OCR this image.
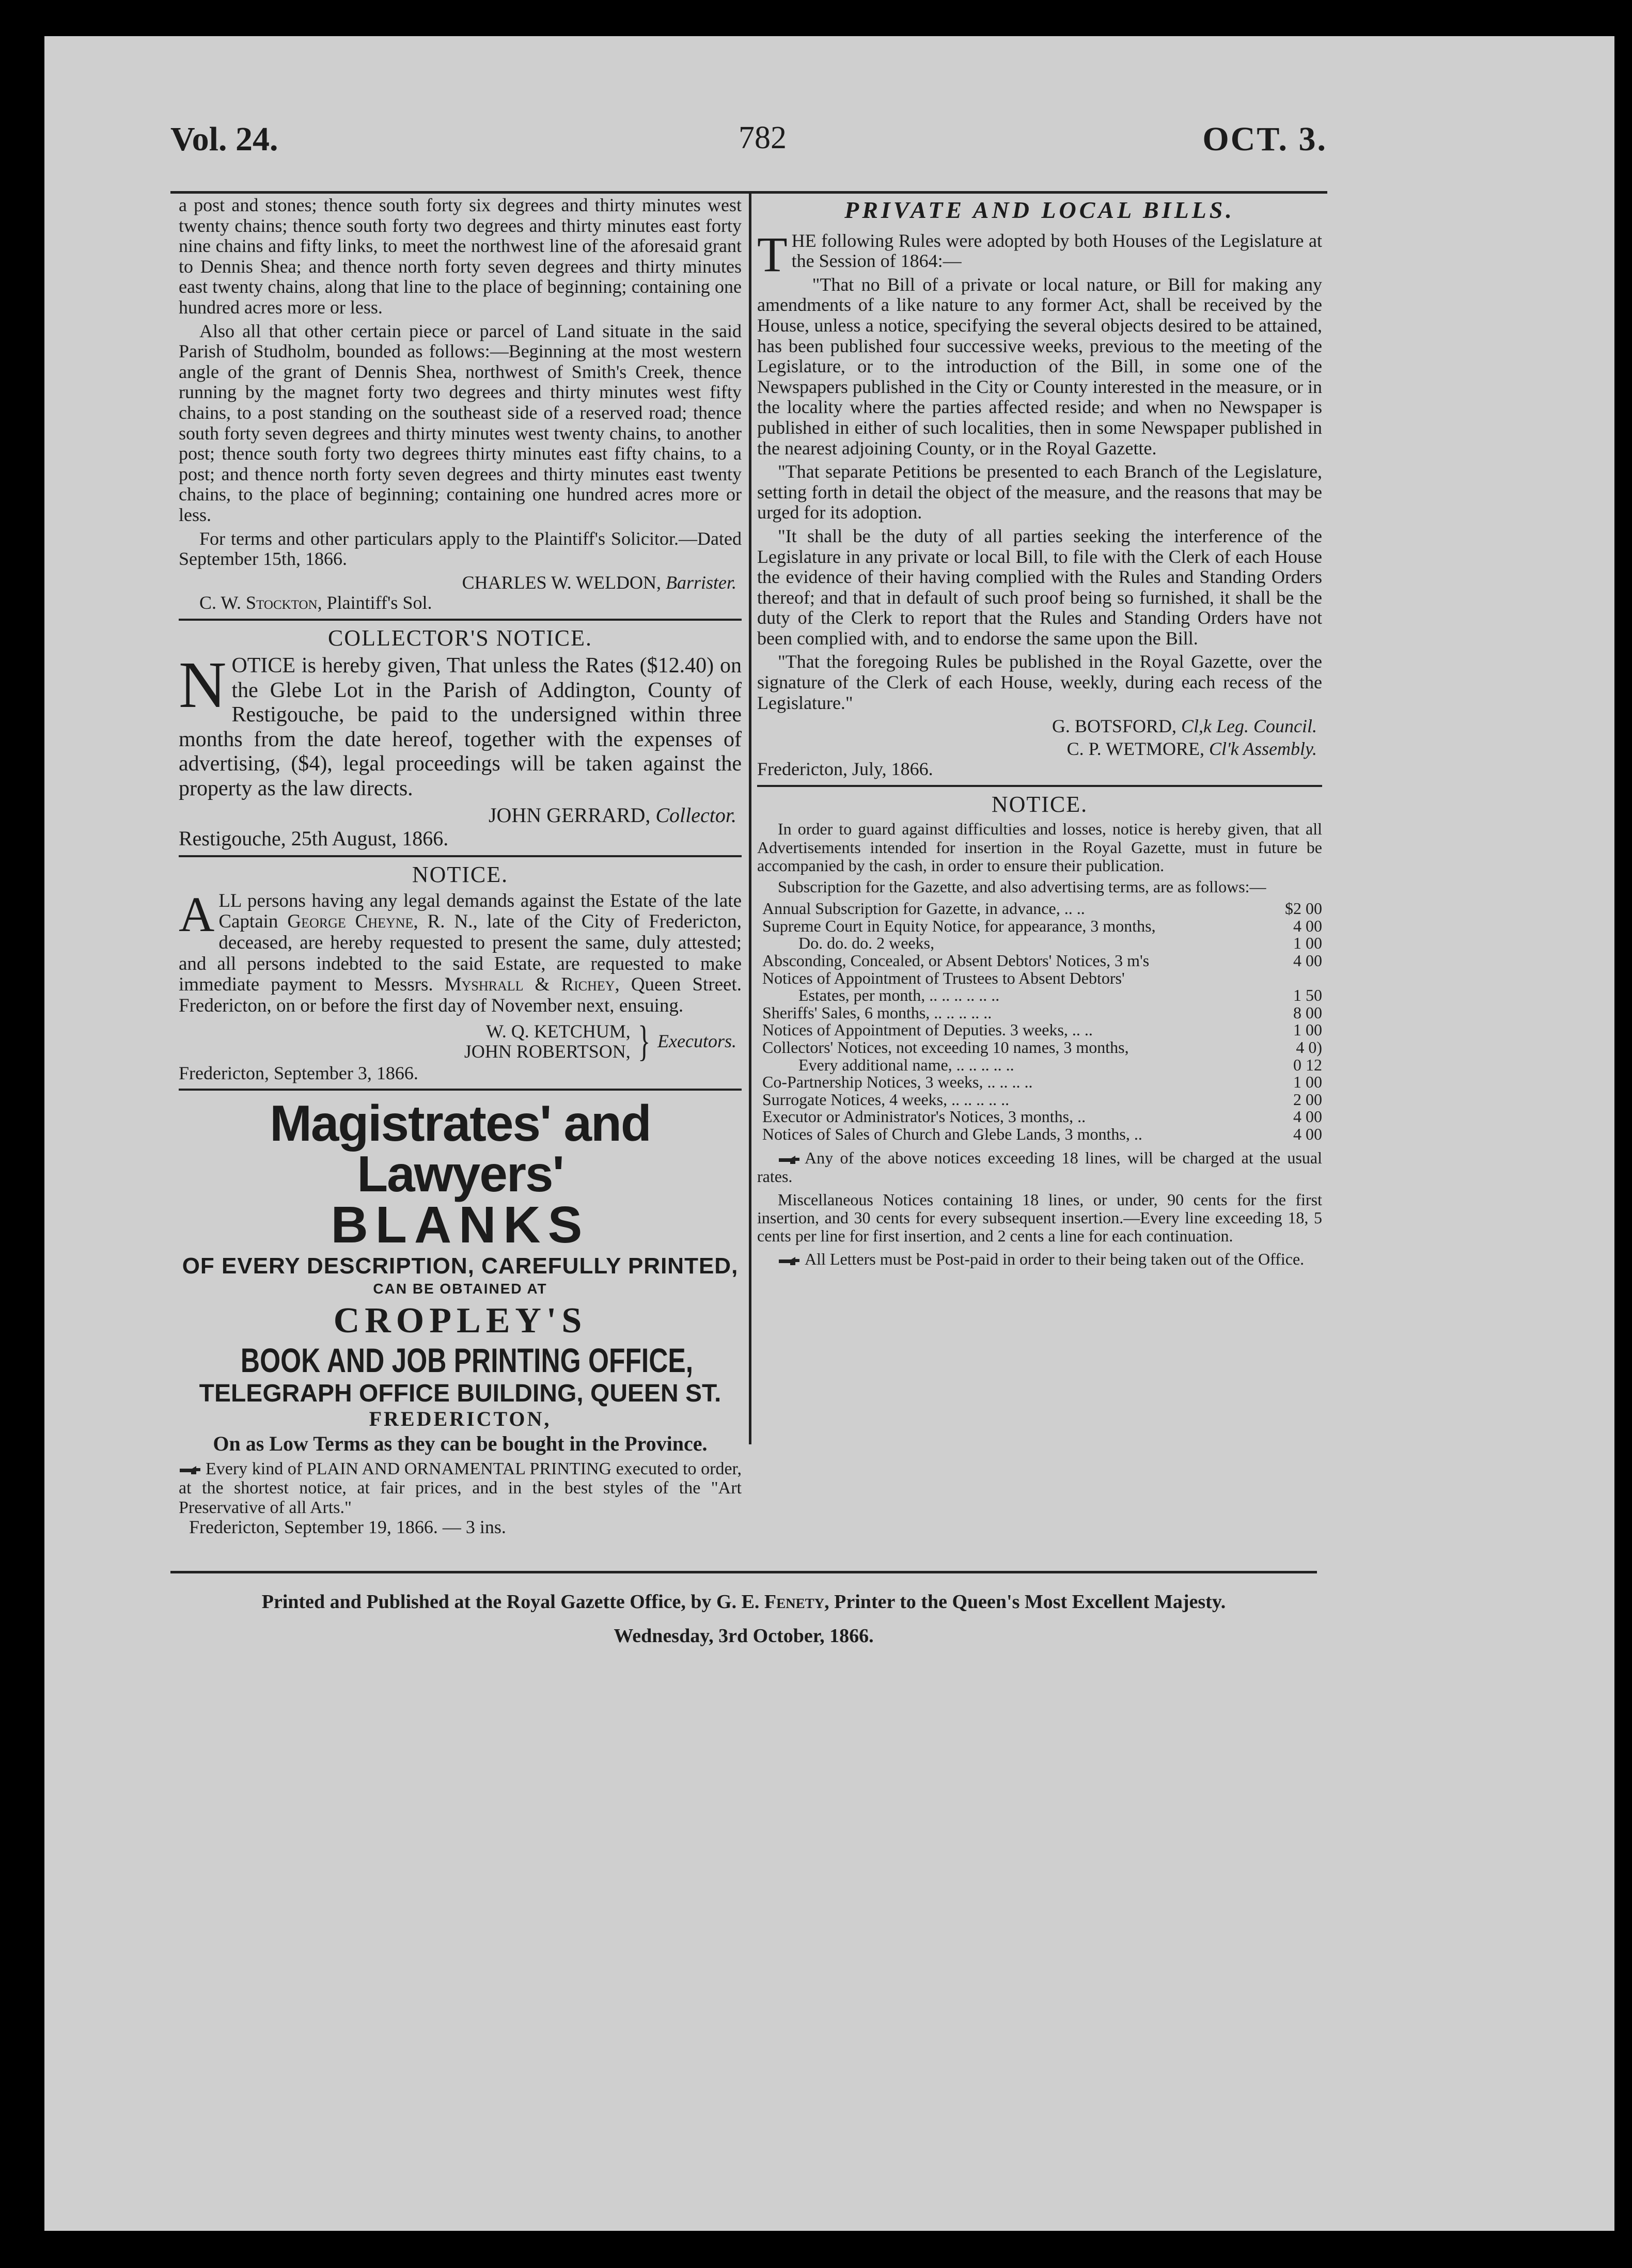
Vol. 24.	782	OCT. 3.

a post and stones; thence south forty six degrees and thirty minutes west twenty chains; thence south forty two degrees and thirty minutes east forty nine chains and fifty links, to meet the northwest line of the aforesaid grant to Dennis Shea; and thence north forty seven degrees and thirty minutes east twenty chains, along that line to the place of beginning; containing one hundred acres more or less.

Also all that other certain piece or parcel of Land situate in the said Parish of Studholm, bounded as follows:—Beginning at the most western angle of the grant of Dennis Shea, northwest of Smith's Creek, thence running by the magnet forty two degrees and thirty minutes west fifty chains, to a post standing on the southeast side of a reserved road; thence south forty seven degrees and thirty minutes west twenty chains, to another post; thence south forty two degrees thirty minutes east fifty chains, to a post; and thence north forty seven degrees and thirty minutes east twenty chains, to the place of beginning; containing one hundred acres more or less.

For terms and other particulars apply to the Plaintiff's Solicitor.—Dated September 15th, 1866.

CHARLES W. WELDON, Barrister.
C. W. Stockton, Plaintiff's Sol.
COLLECTOR'S NOTICE.

NOTICE is hereby given, That unless the Rates ($12.40) on the Glebe Lot in the Parish of Addington, County of Restigouche, be paid to the undersigned within three months from the date hereof, together with the expenses of advertising, ($4), legal proceedings will be taken against the property as the law directs.

JOHN GERRARD, Collector.

Restigouche, 25th August, 1866.

NOTICE.

ALL persons having any legal demands against the Estate of the late Captain George Cheyne, R. N., late of the City of Fredericton, deceased, are hereby requested to present the same, duly attested; and all persons indebted to the said Estate, are requested to make immediate payment to Messrs. Myshrall & Richey, Queen Street. Fredericton, on or before the first day of November next, ensuing.

W. Q. KETCHUM,
JOHN ROBERTSON, } Executors.

Fredericton, September 3, 1866.

Magistrates' and Lawyers'
BLANKS
OF EVERY DESCRIPTION, CAREFULLY PRINTED,
CAN BE OBTAINED AT
CROPLEY'S
BOOK AND JOB PRINTING OFFICE,
TELEGRAPH OFFICE BUILDING, QUEEN ST.
FREDERICTON,
On as Low Terms as they can be bought in the Province.
Every kind of PLAIN AND ORNAMENTAL PRINTING executed to order, at the shortest notice, at fair prices, and in the best styles of the "Art Preservative of all Arts."
Fredericton, September 19, 1866. — 3 ins.
PRIVATE AND LOCAL BILLS.

THE following Rules were adopted by both Houses of the Legislature at the Session of 1864:—

"That no Bill of a private or local nature, or Bill for making any amendments of a like nature to any former Act, shall be received by the House, unless a notice, specifying the several objects desired to be attained, has been published four successive weeks, previous to the meeting of the Legislature, or to the introduction of the Bill, in some one of the Newspapers published in the City or County interested in the measure, or in the locality where the parties affected reside; and when no Newspaper is published in either of such localities, then in some Newspaper published in the nearest adjoining County, or in the Royal Gazette.

"That separate Petitions be presented to each Branch of the Legislature, setting forth in detail the object of the measure, and the reasons that may be urged for its adoption.

"It shall be the duty of all parties seeking the interference of the Legislature in any private or local Bill, to file with the Clerk of each House the evidence of their having complied with the Rules and Standing Orders thereof; and that in default of such proof being so furnished, it shall be the duty of the Clerk to report that the Rules and Standing Orders have not been complied with, and to endorse the same upon the Bill.

"That the foregoing Rules be published in the Royal Gazette, over the signature of the Clerk of each House, weekly, during each recess of the Legislature."

G. BOTSFORD, Cl,k Leg. Council.
C. P. WETMORE, Cl'k Assembly.

Fredericton, July, 1866.

NOTICE.

In order to guard against difficulties and losses, notice is hereby given, that all Advertisements intended for insertion in the Royal Gazette, must in future be accompanied by the cash, in order to ensure their publication.

Subscription for the Gazette, and also advertising terms, are as follows:—

Annual Subscription for Gazette, in advance, .. ..	$2 00
Supreme Court in Equity Notice, for appearance, 3 months,	4 00
Do. do. do. 2 weeks,	1 00
Absconding, Concealed, or Absent Debtors' Notices, 3 m's	4 00
Notices of Appointment of Trustees to Absent Debtors'
Estates, per month, .. .. .. .. .. ..	1 50
Sheriffs' Sales, 6 months, .. .. .. .. ..	8 00
Notices of Appointment of Deputies. 3 weeks, .. ..	1 00
Collectors' Notices, not exceeding 10 names, 3 months,	4 0)
Every additional name, .. .. .. .. ..	0 12
Co-Partnership Notices, 3 weeks, .. .. .. ..	1 00
Surrogate Notices, 4 weeks, .. .. .. .. ..	2 00
Executor or Administrator's Notices, 3 months, ..	4 00
Notices of Sales of Church and Glebe Lands, 3 months, ..	4 00

Any of the above notices exceeding 18 lines, will be charged at the usual rates.

Miscellaneous Notices containing 18 lines, or under, 90 cents for the first insertion, and 30 cents for every subsequent insertion.—Every line exceeding 18, 5 cents per line for first insertion, and 2 cents a line for each continuation.

All Letters must be Post-paid in order to their being taken out of the Office.

Printed and Published at the Royal Gazette Office, by G. E. Fenety, Printer to the Queen's Most Excellent Majesty.
Wednesday, 3rd October, 1866.
